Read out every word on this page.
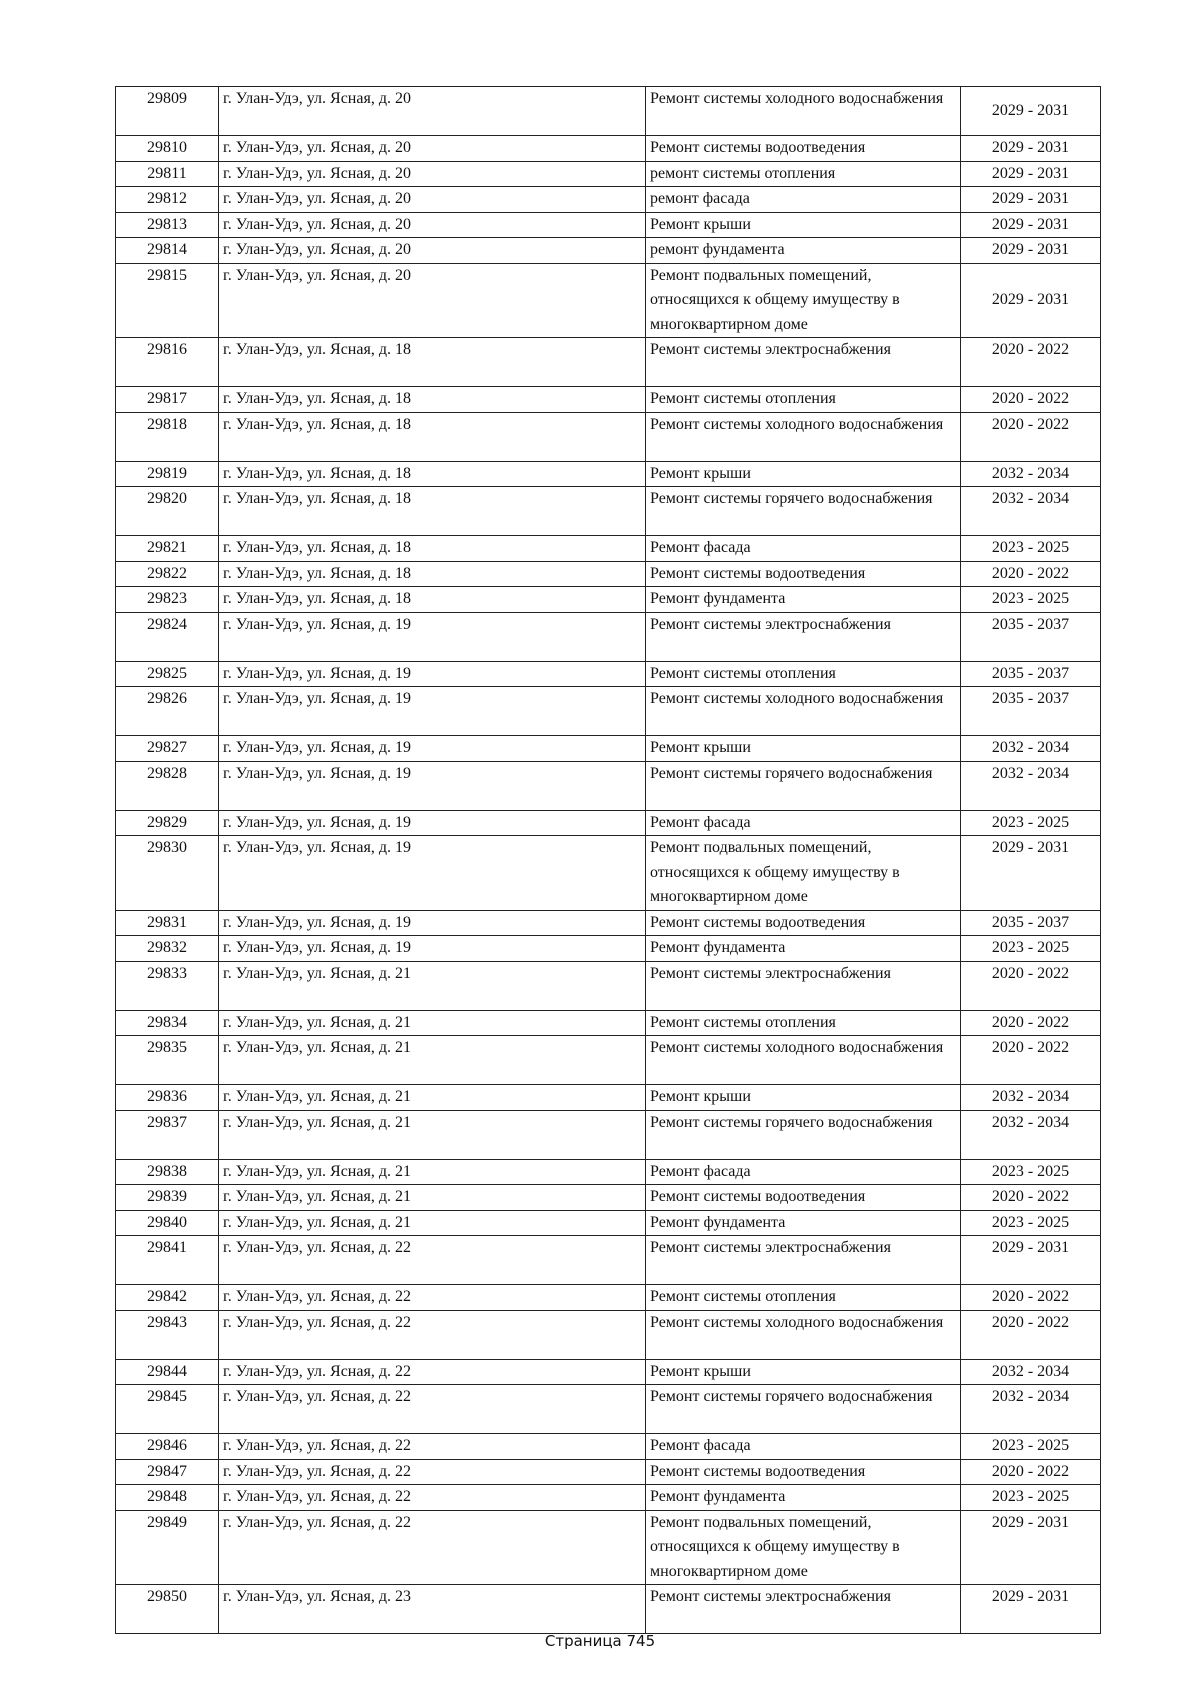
29809	г. Улан-Удэ, ул. Ясная, д. 20	Ремонт системы холодного водоснабжения	2029 - 2031
29810	г. Улан-Удэ, ул. Ясная, д. 20	Ремонт системы водоотведения	2029 - 2031
29811	г. Улан-Удэ, ул. Ясная, д. 20	ремонт системы отопления	2029 - 2031
29812	г. Улан-Удэ, ул. Ясная, д. 20	ремонт фасада	2029 - 2031
29813	г. Улан-Удэ, ул. Ясная, д. 20	Ремонт крыши	2029 - 2031
29814	г. Улан-Удэ, ул. Ясная, д. 20	ремонт фундамента	2029 - 2031
29815	г. Улан-Удэ, ул. Ясная, д. 20	Ремонт подвальных помещений, относящихся к общему имуществу в многоквартирном доме	2029 - 2031
29816	г. Улан-Удэ, ул. Ясная, д. 18	Ремонт системы электроснабжения	2020 - 2022
29817	г. Улан-Удэ, ул. Ясная, д. 18	Ремонт системы отопления	2020 - 2022
29818	г. Улан-Удэ, ул. Ясная, д. 18	Ремонт системы холодного водоснабжения	2020 - 2022
29819	г. Улан-Удэ, ул. Ясная, д. 18	Ремонт крыши	2032 - 2034
29820	г. Улан-Удэ, ул. Ясная, д. 18	Ремонт системы горячего водоснабжения	2032 - 2034
29821	г. Улан-Удэ, ул. Ясная, д. 18	Ремонт фасада	2023 - 2025
29822	г. Улан-Удэ, ул. Ясная, д. 18	Ремонт системы водоотведения	2020 - 2022
29823	г. Улан-Удэ, ул. Ясная, д. 18	Ремонт фундамента	2023 - 2025
29824	г. Улан-Удэ, ул. Ясная, д. 19	Ремонт системы электроснабжения	2035 - 2037
29825	г. Улан-Удэ, ул. Ясная, д. 19	Ремонт системы отопления	2035 - 2037
29826	г. Улан-Удэ, ул. Ясная, д. 19	Ремонт системы холодного водоснабжения	2035 - 2037
29827	г. Улан-Удэ, ул. Ясная, д. 19	Ремонт крыши	2032 - 2034
29828	г. Улан-Удэ, ул. Ясная, д. 19	Ремонт системы горячего водоснабжения	2032 - 2034
29829	г. Улан-Удэ, ул. Ясная, д. 19	Ремонт фасада	2023 - 2025
29830	г. Улан-Удэ, ул. Ясная, д. 19	Ремонт подвальных помещений, относящихся к общему имуществу в многоквартирном доме	2029 - 2031
29831	г. Улан-Удэ, ул. Ясная, д. 19	Ремонт системы водоотведения	2035 - 2037
29832	г. Улан-Удэ, ул. Ясная, д. 19	Ремонт фундамента	2023 - 2025
29833	г. Улан-Удэ, ул. Ясная, д. 21	Ремонт системы электроснабжения	2020 - 2022
29834	г. Улан-Удэ, ул. Ясная, д. 21	Ремонт системы отопления	2020 - 2022
29835	г. Улан-Удэ, ул. Ясная, д. 21	Ремонт системы холодного водоснабжения	2020 - 2022
29836	г. Улан-Удэ, ул. Ясная, д. 21	Ремонт крыши	2032 - 2034
29837	г. Улан-Удэ, ул. Ясная, д. 21	Ремонт системы горячего водоснабжения	2032 - 2034
29838	г. Улан-Удэ, ул. Ясная, д. 21	Ремонт фасада	2023 - 2025
29839	г. Улан-Удэ, ул. Ясная, д. 21	Ремонт системы водоотведения	2020 - 2022
29840	г. Улан-Удэ, ул. Ясная, д. 21	Ремонт фундамента	2023 - 2025
29841	г. Улан-Удэ, ул. Ясная, д. 22	Ремонт системы электроснабжения	2029 - 2031
29842	г. Улан-Удэ, ул. Ясная, д. 22	Ремонт системы отопления	2020 - 2022
29843	г. Улан-Удэ, ул. Ясная, д. 22	Ремонт системы холодного водоснабжения	2020 - 2022
29844	г. Улан-Удэ, ул. Ясная, д. 22	Ремонт крыши	2032 - 2034
29845	г. Улан-Удэ, ул. Ясная, д. 22	Ремонт системы горячего водоснабжения	2032 - 2034
29846	г. Улан-Удэ, ул. Ясная, д. 22	Ремонт фасада	2023 - 2025
29847	г. Улан-Удэ, ул. Ясная, д. 22	Ремонт системы водоотведения	2020 - 2022
29848	г. Улан-Удэ, ул. Ясная, д. 22	Ремонт фундамента	2023 - 2025
29849	г. Улан-Удэ, ул. Ясная, д. 22	Ремонт подвальных помещений, относящихся к общему имуществу в многоквартирном доме	2029 - 2031
29850	г. Улан-Удэ, ул. Ясная, д. 23	Ремонт системы электроснабжения	2029 - 2031
Страница 745
